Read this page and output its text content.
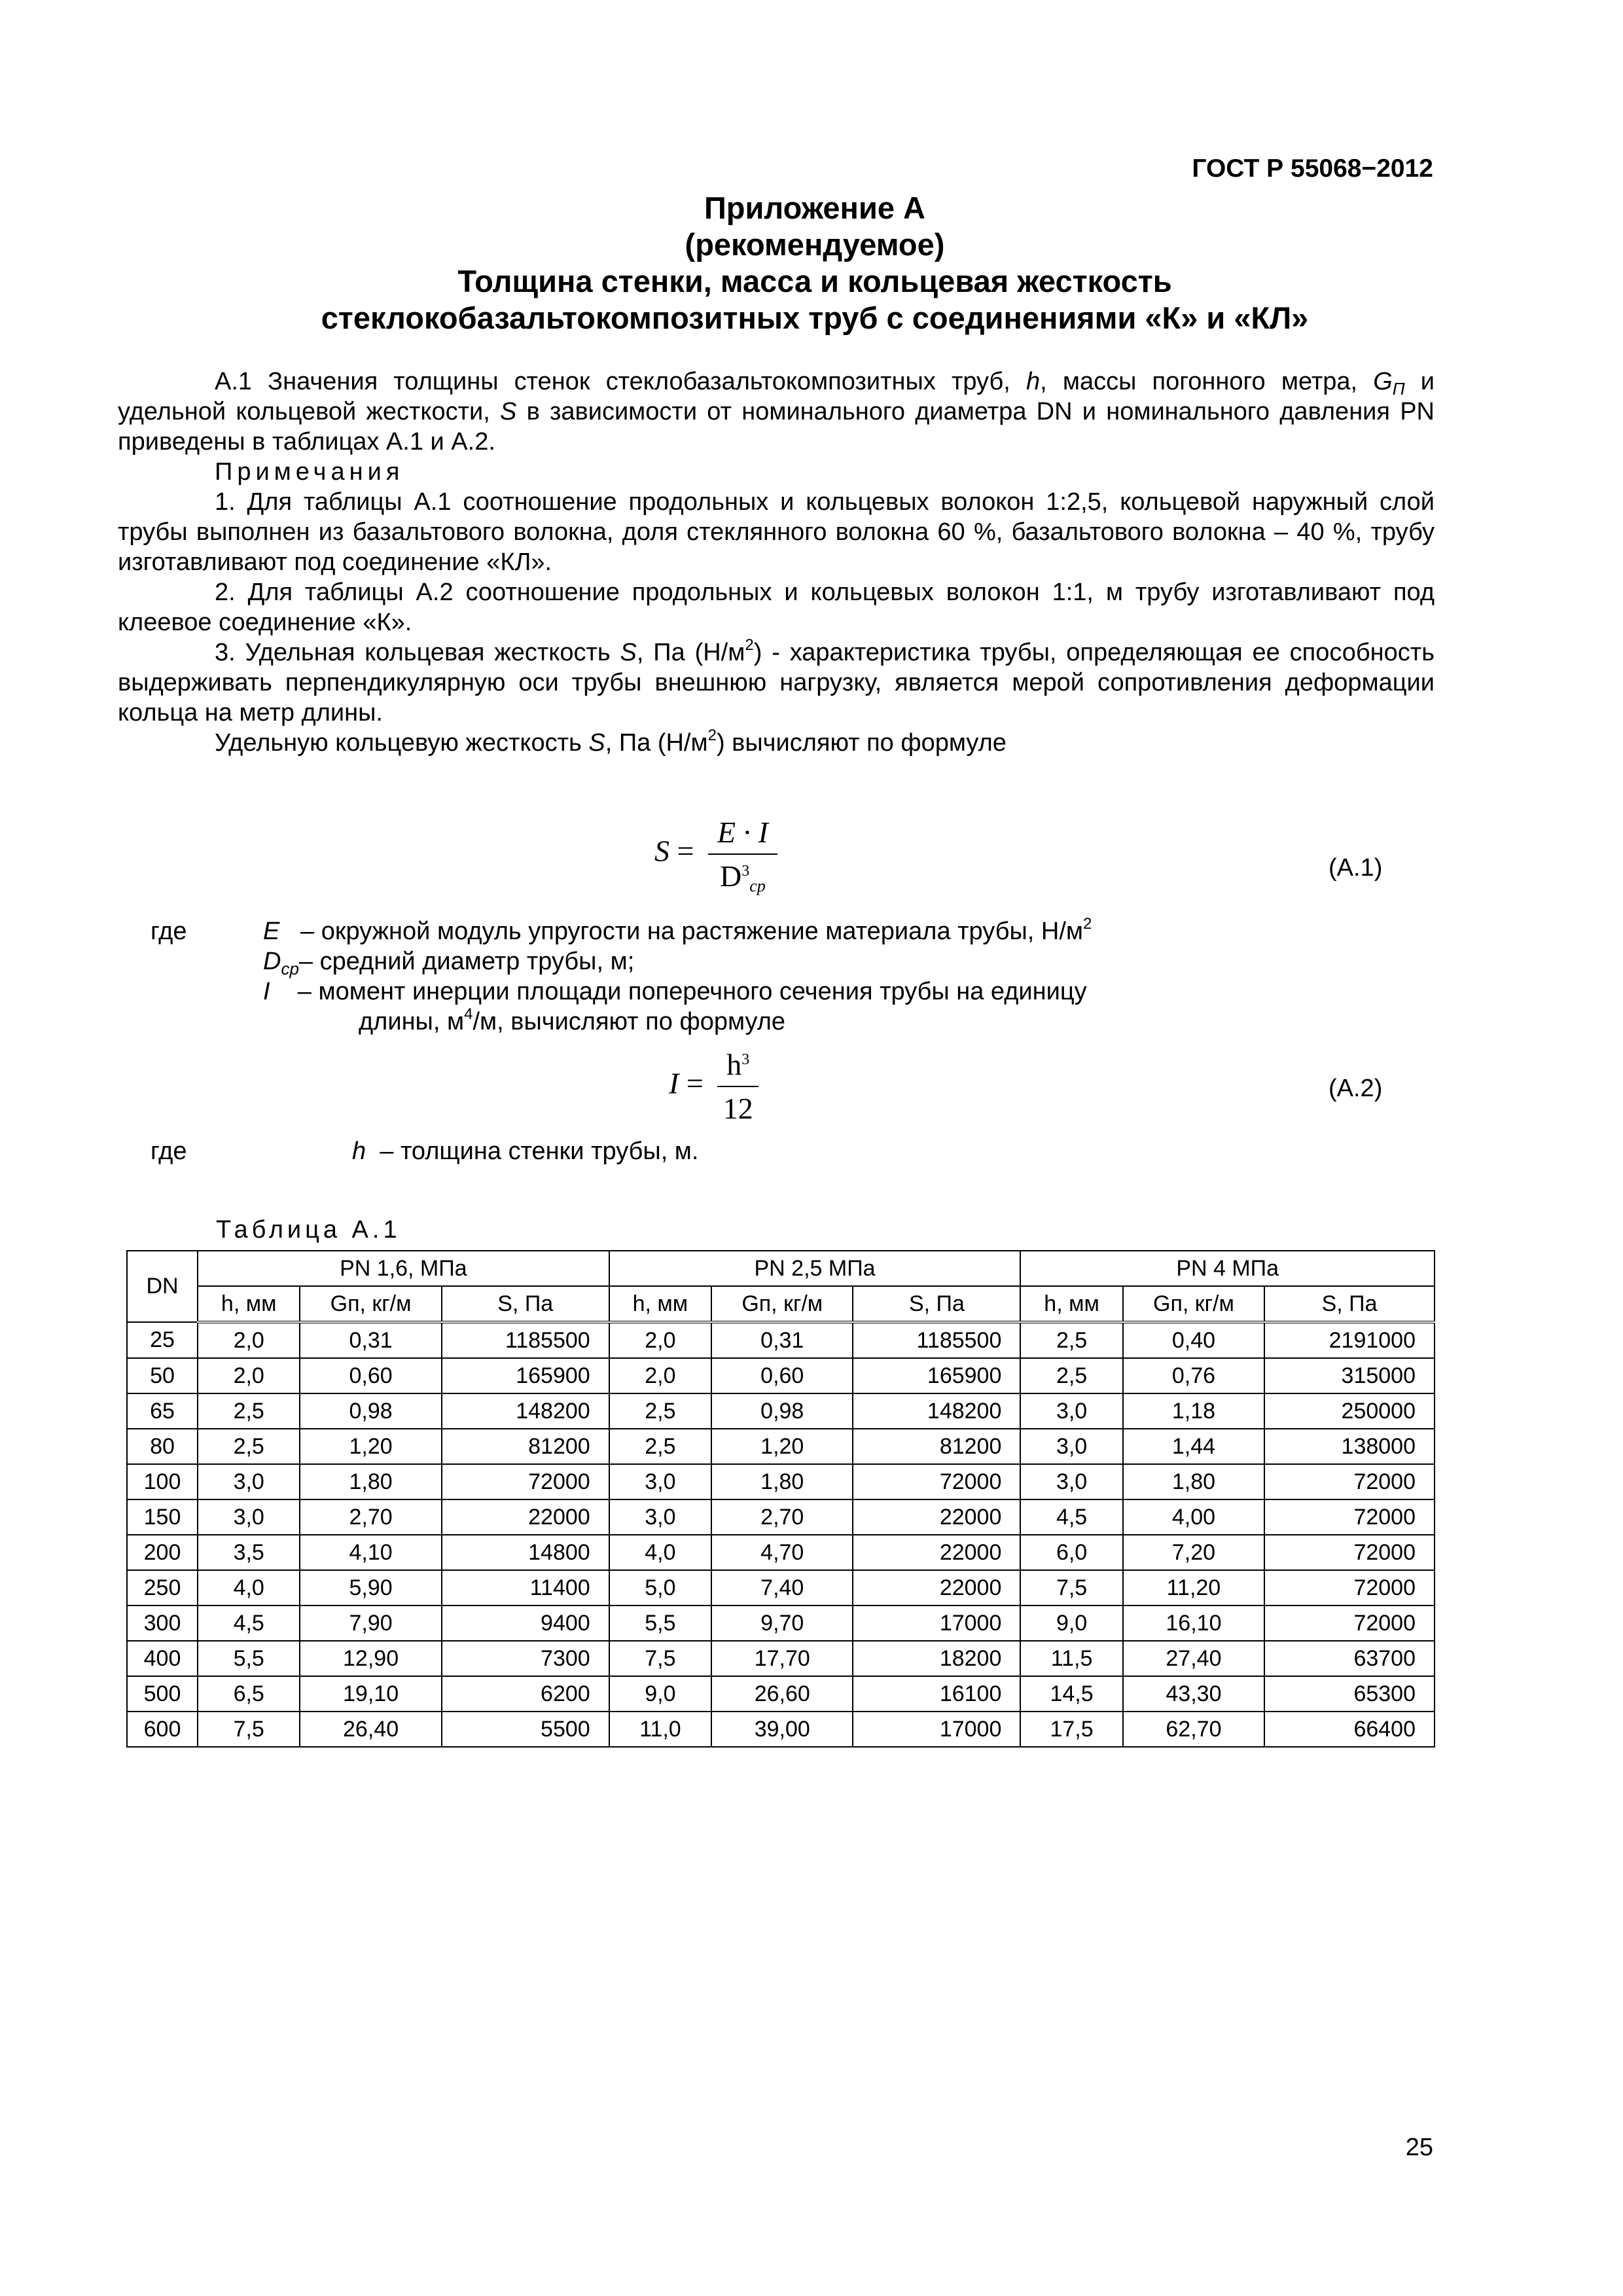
ГОСТ Р 55068−2012
Приложение А
(рекомендуемое)
Толщина стенки, масса и кольцевая жесткость
стеклокобазальтокомпозитных труб с соединениями «К» и «КЛ»

А.1 Значения толщины стенок стеклобазальтокомпозитных труб, h, массы погонного метра, $G_П$ и удельной кольцевой жесткости, S в зависимости от номинального диаметра DN и номинального давления PN приведены в таблицах А.1 и А.2.

Примечания

1. Для таблицы А.1 соотношение продольных и кольцевых волокон 1:2,5, кольцевой наружный слой трубы выполнен из базальтового волокна, доля стеклянного волокна 60 %, базальтового волокна – 40 %, трубу изготавливают под соединение «КЛ».

2. Для таблицы А.2 соотношение продольных и кольцевых волокон 1:1, м трубу изготавливают под клеевое соединение «К».

3. Удельная кольцевая жесткость S, Па $(Н/м^2)$ - характеристика трубы, определяющая ее способность выдерживать перпендикулярную оси трубы внешнюю нагрузку, является мерой сопротивления деформации кольца на метр длины.

Удельную кольцевую жесткость S, Па $(Н/м^2)$ вычисляют по формуле

$S = \frac{E \cdot I}{D^3_{ср}}$	(А.1)
где	E – окружной модуль упругости на растяжение материала трубы, $Н/м^2$
$D_{ср}-$ средний диаметр трубы, м;
I – момент инерции площади поперечного сечения трубы на единицу
длины, $м^4/м$, вычисляют по формуле
$I = \frac{h^3}{12}$	(А.2)
где	h – толщина стенки трубы, м.
Таблица А.1
DN	PN 1,6, МПа			PN 2,5 МПа			PN 4 МПа		
	h, мм	Gп, кг/м	S, Па	h, мм	Gп, кг/м	S, Па	h, мм	Gп, кг/м	S, Па
25	2,0	0,31	1185500	2,0	0,31	1185500	2,5	0,40	2191000
50	2,0	0,60	165900	2,0	0,60	165900	2,5	0,76	315000
65	2,5	0,98	148200	2,5	0,98	148200	3,0	1,18	250000
80	2,5	1,20	81200	2,5	1,20	81200	3,0	1,44	138000
100	3,0	1,80	72000	3,0	1,80	72000	3,0	1,80	72000
150	3,0	2,70	22000	3,0	2,70	22000	4,5	4,00	72000
200	3,5	4,10	14800	4,0	4,70	22000	6,0	7,20	72000
250	4,0	5,90	11400	5,0	7,40	22000	7,5	11,20	72000
300	4,5	7,90	9400	5,5	9,70	17000	9,0	16,10	72000
400	5,5	12,90	7300	7,5	17,70	18200	11,5	27,40	63700
500	6,5	19,10	6200	9,0	26,60	16100	14,5	43,30	65300
600	7,5	26,40	5500	11,0	39,00	17000	17,5	62,70	66400
25
